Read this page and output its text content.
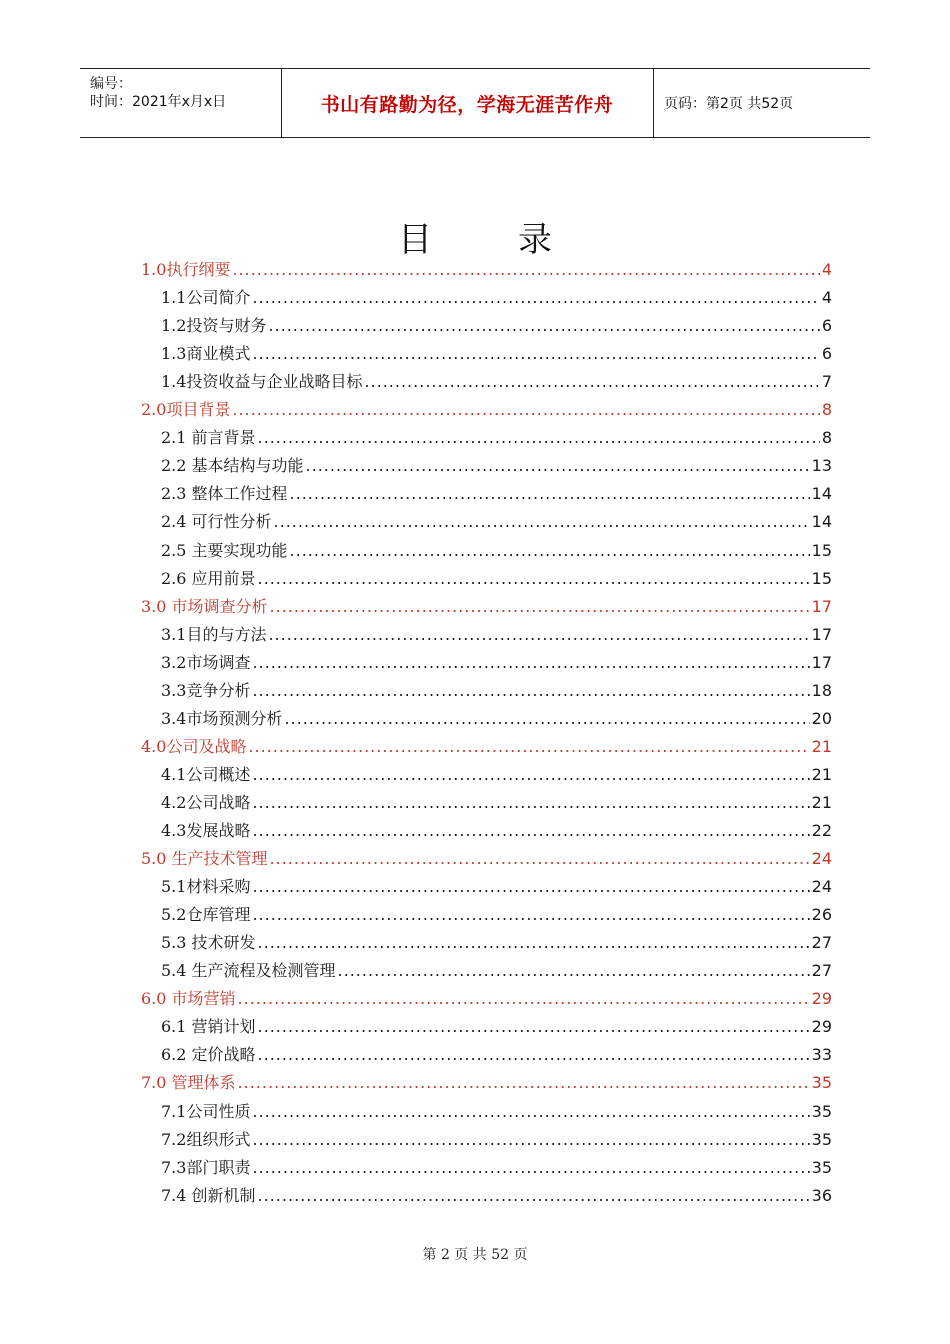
编号：
时间：2021年x月x日	书山有路勤为径，学海无涯苦作舟	页码：第2页 共52页
目录
1.0执行纲要 .....	4
1.1公司简介 .....	4
1.2投资与财务 .....	6
1.3商业模式 .....	6
1.4投资收益与企业战略目标 .....	7
2.0项目背景 .....	8
2.1 前言背景 .....	8
2.2 基本结构与功能 .....	13
2.3 整体工作过程 .....	14
2.4 可行性分析 .....	14
2.5 主要实现功能 .....	15
2.6 应用前景 .....	15
3.0 市场调查分析 .....	17
3.1目的与方法 .....	17
3.2市场调查 .....	17
3.3竞争分析 .....	18
3.4市场预测分析 .....	20
4.0公司及战略 .....	21
4.1公司概述 .....	21
4.2公司战略 .....	21
4.3发展战略 .....	22
5.0 生产技术管理 .....	24
5.1材料采购 .....	24
5.2仓库管理 .....	26
5.3 技术研发 .....	27
5.4 生产流程及检测管理 .....	27
6.0 市场营销 .....	29
6.1 营销计划 .....	29
6.2 定价战略 .....	33
7.0 管理体系 .....	35
7.1公司性质 .....	35
7.2组织形式 .....	35
7.3部门职责 .....	35
7.4 创新机制 .....	36
第 2 页 共 52 页
